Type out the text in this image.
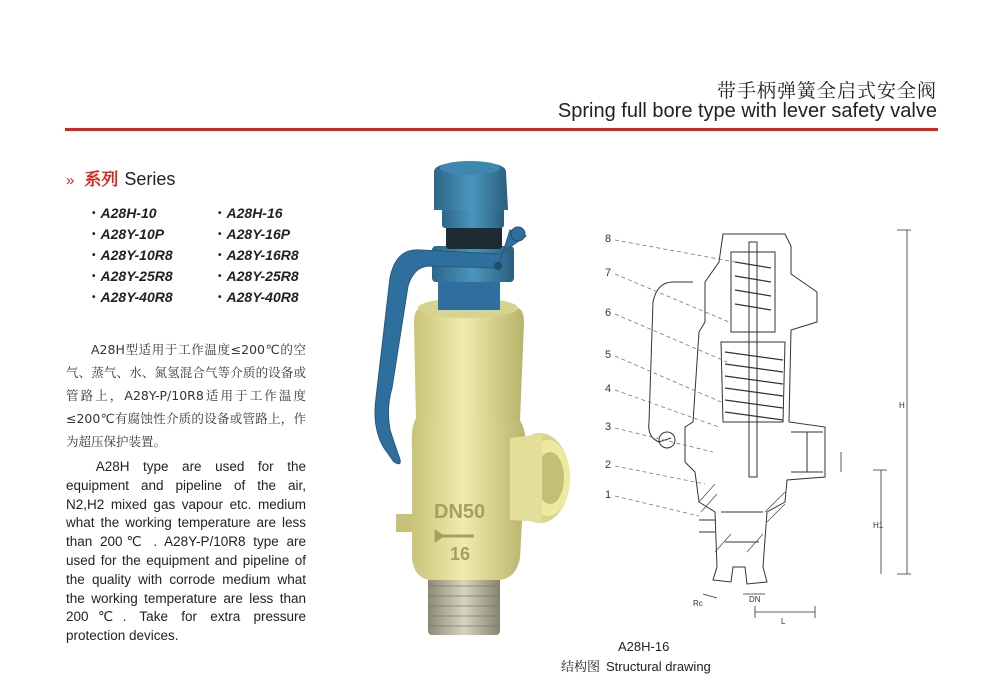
带手柄弹簧全启式安全阀
Spring full bore type with lever safety valve
» 系列 Series
• A28H-10	• A28H-16
• A28Y-10P	• A28Y-16P
• A28Y-10R8	• A28Y-16R8
• A28Y-25R8	• A28Y-25R8
• A28Y-40R8	• A28Y-40R8
A28H型适用于工作温度≤200℃的空气、蒸气、水、氮氢混合气等介质的设备或管路上，A28Y-P/10R8适用于工作温度≤200℃有腐蚀性介质的设备或管路上，作为超压保护装置。
A28H type are used for the equipment and pipeline of the air, N2,H2 mixed gas vapour etc. medium what the working temperature are less than 200℃ . A28Y-P/10R8 type are used for the equipment and pipeline of the quality with corrode medium what the working temperature are less than 200℃. Take for extra pressure protection devices.
DN50
16
8
7
6
5
4
3
2
1
H
H1
DN
L
Rc
A28H-16
结构图 Structural drawing
